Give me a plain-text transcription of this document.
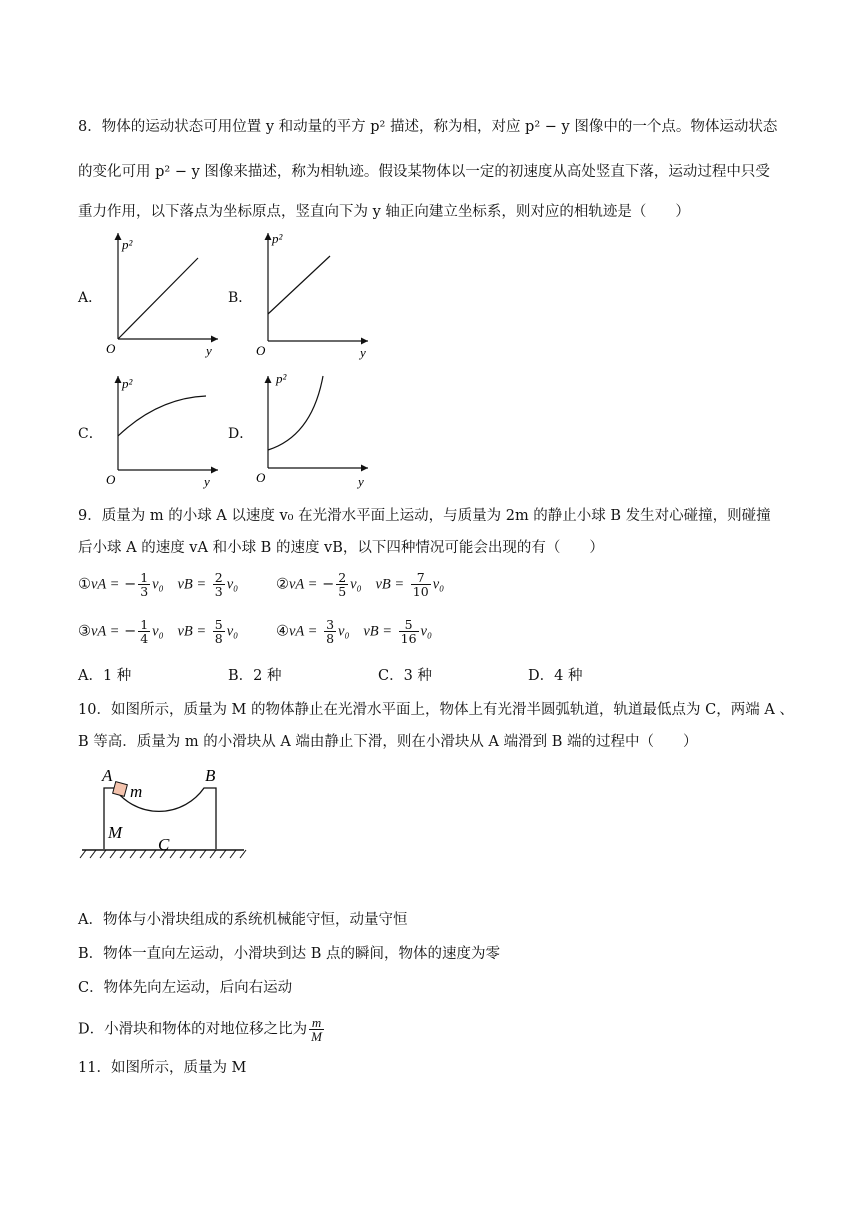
8．物体的运动状态可用位置 y 和动量的平方 p² 描述，称为相，对应 p² − y 图像中的一个点。物体运动状态
的变化可用 p² − y 图像来描述，称为相轨迹。假设某物体以一定的初速度从高处竖直下落，运动过程中只受
重力作用，以下落点为坐标原点，竖直向下为 y 轴正向建立坐标系，则对应的相轨迹是（　　）
A．	B．
C．	D．
p²
O	y
p²
O	y
p²
O	y
p²
O	y
9．质量为 m 的小球 A 以速度 v₀ 在光滑水平面上运动，与质量为 2m 的静止小球 B 发生对心碰撞，则碰撞
后小球 A 的速度 vA 和小球 B 的速度 vB，以下四种情况可能会出现的有（　　）
①vA = − $\frac{1}{3} v_0$ vB = $\frac{2}{3} v_0$	②vA = − $\frac{2}{5} v_0$ vB = $\frac{7}{10} v_0$
③vA = − $\frac{1}{4} v_0$ vB = $\frac{5}{8} v_0$	④vA = $\frac{3}{8} v_0$ vB = $\frac{5}{16} v_0$
A．1 种	B．2 种	C．3 种	D．4 种
10．如图所示，质量为 M 的物体静止在光滑水平面上，物体上有光滑半圆弧轨道，轨道最低点为 C，两端 A 、
B 等高．质量为 m 的小滑块从 A 端由静止下滑，则在小滑块从 A 端滑到 B 端的过程中（　　）
A	B
m
M
C
A．物体与小滑块组成的系统机械能守恒，动量守恒
B．物体一直向左运动，小滑块到达 B 点的瞬间，物体的速度为零
C．物体先向左运动，后向右运动
D．小滑块和物体的对地位移之比为 $\frac{m}{M}$
11．如图所示，质量为 M
